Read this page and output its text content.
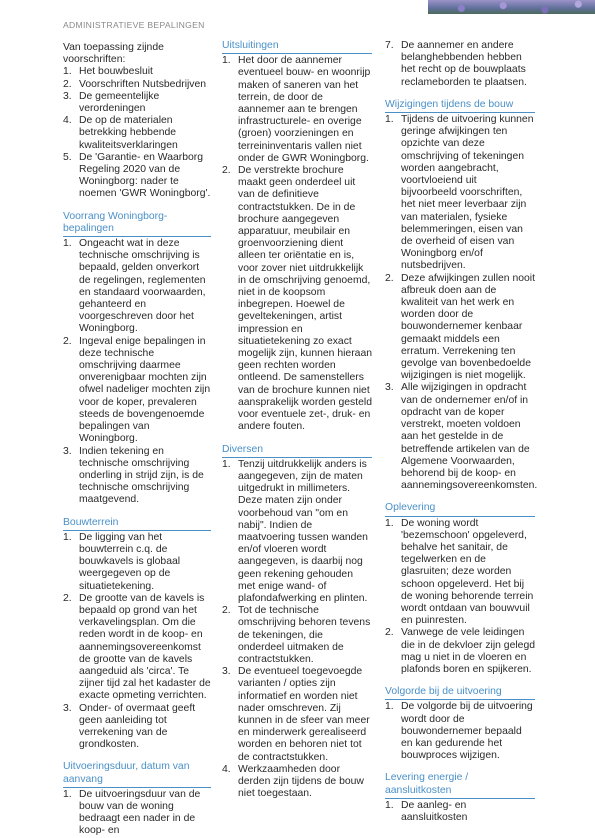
ADMINISTRATIEVE BEPALINGEN

Van toepassing zijnde voorschriften:

1. Het bouwbesluit
2. Voorschriften Nutsbedrijven
3. De gemeentelijke verordeningen
4. De op de materialen betrekking hebbende kwaliteitsverklaringen
5. De 'Garantie- en Waarborg Regeling 2020 van de Woningborg: nader te noemen 'GWR Woningborg'.
Voorrang Woningborg-bepalingen
1. Ongeacht wat in deze technische omschrijving is bepaald, gelden onverkort de regelingen, reglementen en standaard voorwaarden, gehanteerd en voorgeschreven door het Woningborg.
2. Ingeval enige bepalingen in deze technische omschrijving daarmee onverenigbaar mochten zijn ofwel nadeliger mochten zijn voor de koper, prevaleren steeds de bovengenoemde bepalingen van Woningborg.
3. Indien tekening en technische omschrijving onderling in strijd zijn, is de technische omschrijving maatgevend.
Bouwterrein
1. De ligging van het bouwterrein c.q. de bouwkavels is globaal weergegeven op de situatietekening.
2. De grootte van de kavels is bepaald op grond van het verkavelingsplan. Om die reden wordt in de koop- en aannemingsovereenkomst de grootte van de kavels aangeduid als 'circa'. Te zijner tijd zal het kadaster de exacte opmeting verrichten.
3. Onder- of overmaat geeft geen aanleiding tot verrekening van de grondkosten.
Uitvoeringsduur, datum van aanvang
1. De uitvoeringsduur van de bouw van de woning bedraagt een nader in de koop- en
Uitsluitingen
1. Het door de aannemer eventueel bouw- en woonrijp maken of saneren van het terrein, de door de aannemer aan te brengen infrastructurele- en overige (groen) voorzieningen en terreininventaris vallen niet onder de GWR Woningborg.
2. De verstrekte brochure maakt geen onderdeel uit van de definitieve contractstukken. De in de brochure aangegeven apparatuur, meubilair en groenvoorziening dient alleen ter oriëntatie en is, voor zover niet uitdrukkelijk in de omschrijving genoemd, niet in de koopsom inbegrepen. Hoewel de geveltekeningen, artist impression en situatietekening zo exact mogelijk zijn, kunnen hieraan geen rechten worden ontleend. De samenstellers van de brochure kunnen niet aansprakelijk worden gesteld voor eventuele zet-, druk- en andere fouten.
Diversen
1. Tenzij uitdrukkelijk anders is aangegeven, zijn de maten uitgedrukt in millimeters. Deze maten zijn onder voorbehoud van "om en nabij". Indien de maatvoering tussen wanden en/of vloeren wordt aangegeven, is daarbij nog geen rekening gehouden met enige wand- of plafondafwerking en plinten.
2. Tot de technische omschrijving behoren tevens de tekeningen, die onderdeel uitmaken de contractstukken.
3. De eventueel toegevoegde varianten / opties zijn informatief en worden niet nader omschreven. Zij kunnen in de sfeer van meer en minderwerk gerealiseerd worden en behoren niet tot de contractstukken.
4. Werkzaamheden door derden zijn tijdens de bouw niet toegestaan.
7. De aannemer en andere belanghebbenden hebben het recht op de bouwplaats reclameborden te plaatsen.
Wijzigingen tijdens de bouw
1. Tijdens de uitvoering kunnen geringe afwijkingen ten opzichte van deze omschrijving of tekeningen worden aangebracht, voortvloeiend uit bijvoorbeeld voorschriften, het niet meer leverbaar zijn van materialen, fysieke belemmeringen, eisen van de overheid of eisen van Woningborg en/of nutsbedrijven.
2. Deze afwijkingen zullen nooit afbreuk doen aan de kwaliteit van het werk en worden door de bouwondernemer kenbaar gemaakt middels een erratum. Verrekening ten gevolge van bovenbedoelde wijzigingen is niet mogelijk.
3. Alle wijzigingen in opdracht van de ondernemer en/of in opdracht van de koper verstrekt, moeten voldoen aan het gestelde in de betreffende artikelen van de Algemene Voorwaarden, behorend bij de koop- en aannemingsovereenkomsten.
Oplevering
1. De woning wordt 'bezemschoon' opgeleverd, behalve het sanitair, de tegelwerken en de glasruiten; deze worden schoon opgeleverd. Het bij de woning behorende terrein wordt ontdaan van bouwvuil en puinresten.
2. Vanwege de vele leidingen die in de dekvloer zijn gelegd mag u niet in de vloeren en plafonds boren en spijkeren.
Volgorde bij de uitvoering
1. De volgorde bij de uitvoering wordt door de bouwondernemer bepaald en kan gedurende het bouwproces wijzigen.
Levering energie / aansluitkosten
1. De aanleg- en aansluitkosten
